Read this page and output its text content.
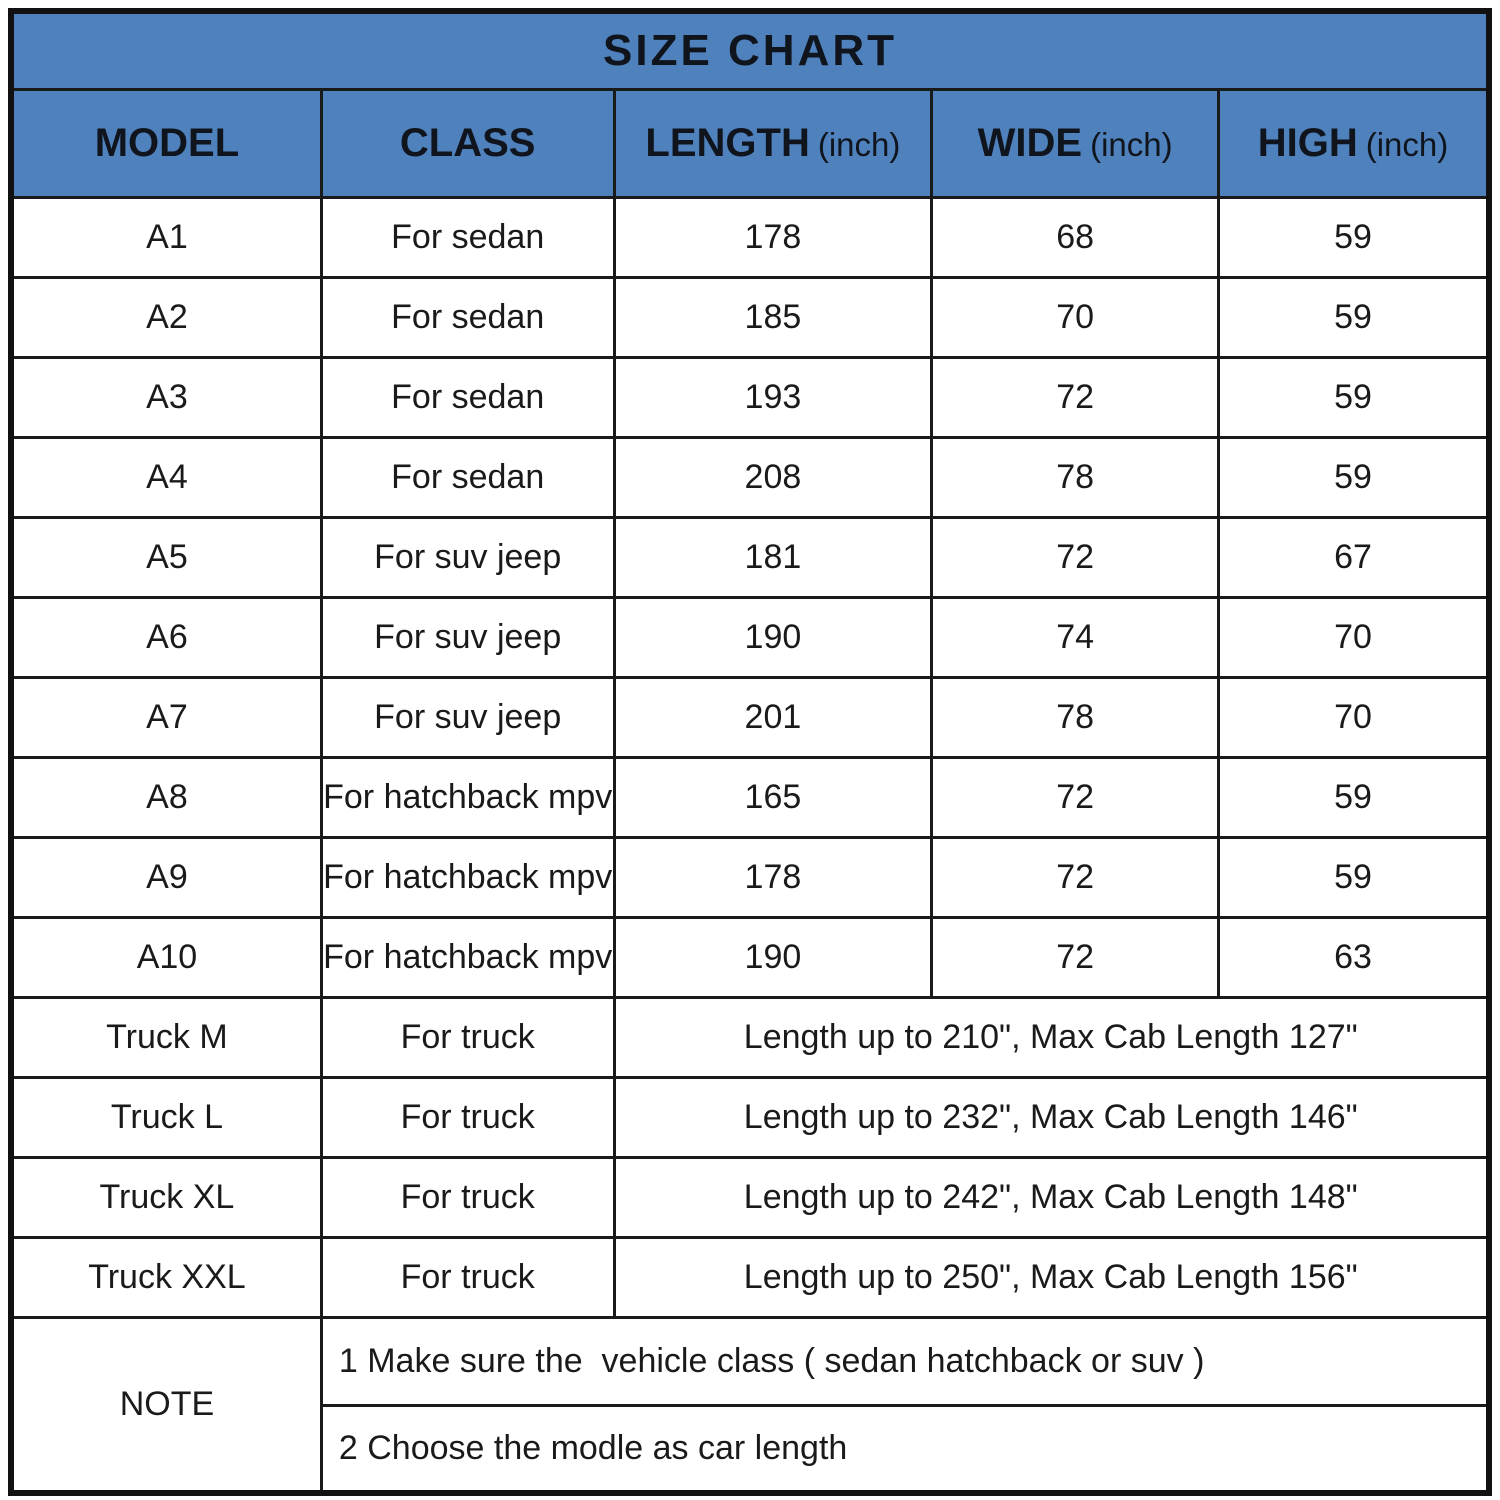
SIZE CHART				
MODEL	CLASS	LENGTH (inch)	WIDE (inch)	HIGH (inch)
A1	For sedan	178	68	59
A2	For sedan	185	70	59
A3	For sedan	193	72	59
A4	For sedan	208	78	59
A5	For suv jeep	181	72	67
A6	For suv jeep	190	74	70
A7	For suv jeep	201	78	70
A8	For hatchback mpv	165	72	59
A9	For hatchback mpv	178	72	59
A10	For hatchback mpv	190	72	63
Truck M	For truck	Length up to 210", Max Cab Length 127"		
Truck L	For truck	Length up to 232", Max Cab Length 146"		
Truck XL	For truck	Length up to 242", Max Cab Length 148"		
Truck XXL	For truck	Length up to 250", Max Cab Length 156"		
NOTE	1 Make sure the  vehicle class ( sedan hatchback or suv )			
	2 Choose the modle as car length			
